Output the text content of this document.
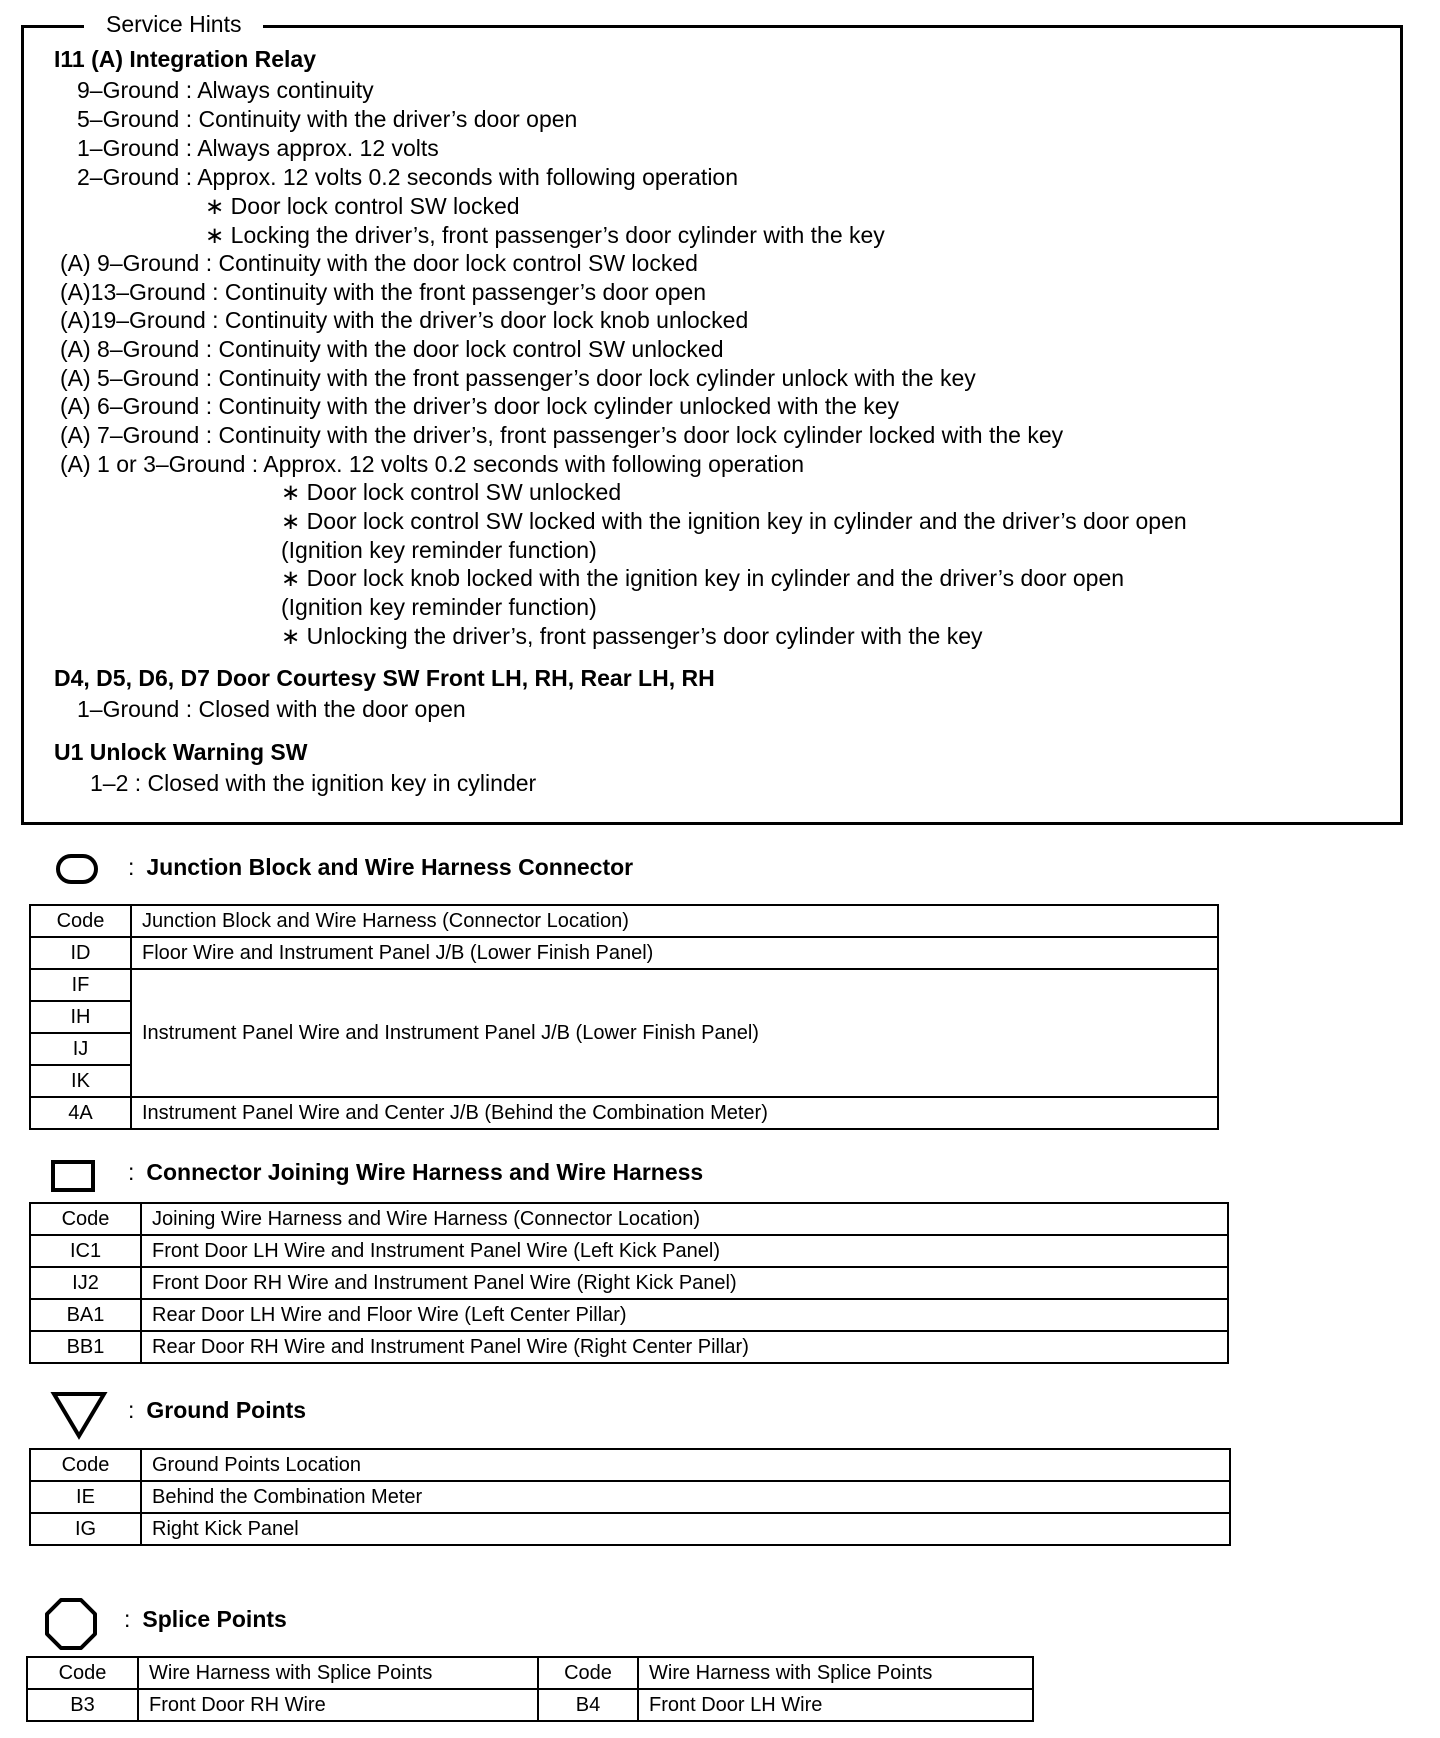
Service Hints
I11 (A) Integration Relay
9–Ground : Always continuity
5–Ground : Continuity with the driver’s door open
1–Ground : Always approx. 12 volts
2–Ground : Approx. 12 volts 0.2 seconds with following operation
∗ Door lock control SW locked
∗ Locking the driver’s, front passenger’s door cylinder with the key
(A) 9–Ground : Continuity with the door lock control SW locked
(A)13–Ground : Continuity with the front passenger’s door open
(A)19–Ground : Continuity with the driver’s door lock knob unlocked
(A) 8–Ground : Continuity with the door lock control SW unlocked
(A) 5–Ground : Continuity with the front passenger’s door lock cylinder unlock with the key
(A) 6–Ground : Continuity with the driver’s door lock cylinder unlocked with the key
(A) 7–Ground : Continuity with the driver’s, front passenger’s door lock cylinder locked with the key
(A) 1 or 3–Ground : Approx. 12 volts 0.2 seconds with following operation
∗ Door lock control SW unlocked
∗ Door lock control SW locked with the ignition key in cylinder and the driver’s door open
(Ignition key reminder function)
∗ Door lock knob locked with the ignition key in cylinder and the driver’s door open
(Ignition key reminder function)
∗ Unlocking the driver’s, front passenger’s door cylinder with the key
D4, D5, D6, D7 Door Courtesy SW Front LH, RH, Rear LH, RH
1–Ground : Closed with the door open
U1 Unlock Warning SW
1–2 : Closed with the ignition key in cylinder
: Junction Block and Wire Harness Connector
Code	Junction Block and Wire Harness (Connector Location)
ID	Floor Wire and Instrument Panel J/B (Lower Finish Panel)
IF	Instrument Panel Wire and Instrument Panel J/B (Lower Finish Panel)
IH	
IJ	
IK	
4A	Instrument Panel Wire and Center J/B (Behind the Combination Meter)
: Connector Joining Wire Harness and Wire Harness
Code	Joining Wire Harness and Wire Harness (Connector Location)
IC1	Front Door LH Wire and Instrument Panel Wire (Left Kick Panel)
IJ2	Front Door RH Wire and Instrument Panel Wire (Right Kick Panel)
BA1	Rear Door LH Wire and Floor Wire (Left Center Pillar)
BB1	Rear Door RH Wire and Instrument Panel Wire (Right Center Pillar)
: Ground Points
Code	Ground Points Location
IE	Behind the Combination Meter
IG	Right Kick Panel
: Splice Points
Code	Wire Harness with Splice Points	Code	Wire Harness with Splice Points
B3	Front Door RH Wire	B4	Front Door LH Wire
